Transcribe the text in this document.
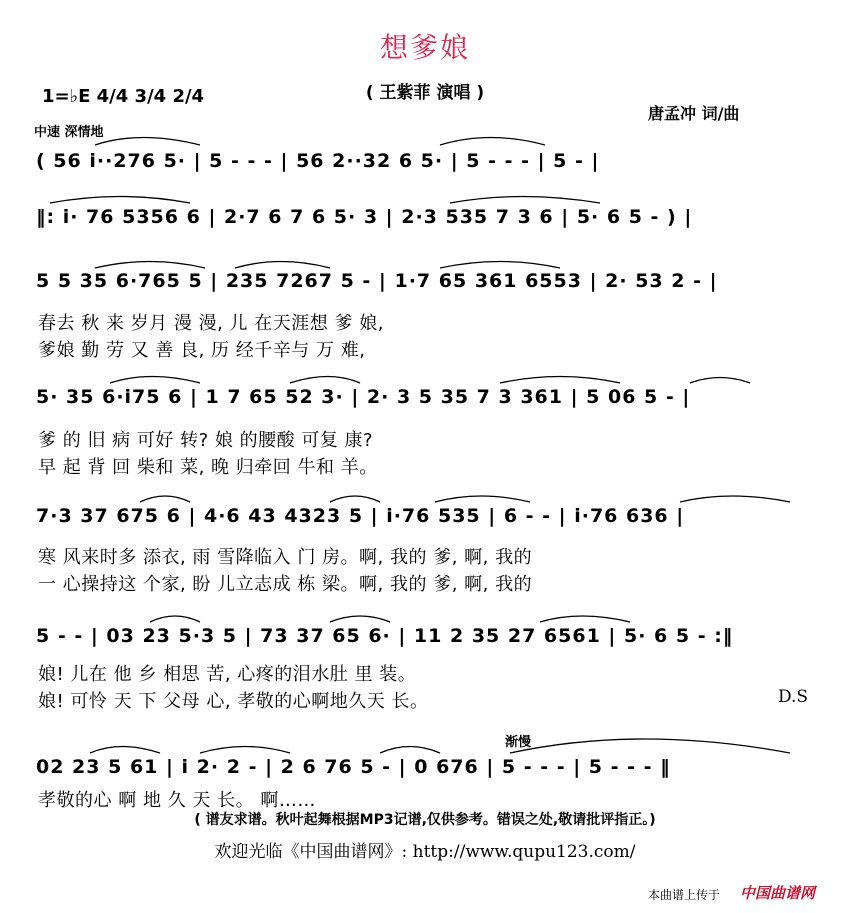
想爹娘
( 王紫菲 演唱 )
1=♭E 4/4 3/4 2/4
中速 深情地
唐孟冲 词/曲
( 56 i··276 5· | 5 - - - | 56 2··32 6 5· | 5 - - - | 5 - |
‖: i· 76 5356 6 | 2·7 6 7 6 5· 3 | 2·3 535 7 3 6 | 5· 6 5 - ) |
5 5 35 6·765 5 | 235 7267 5 - | 1·7 65 361 6553 | 2· 53 2 - |
春去 秋 来 岁月 漫 漫, 儿 在天涯想 爹 娘,
爹娘 勤 劳 又 善 良, 历 经千辛与 万 难,
5· 35 6·i75 6 | 1 7 65 52 3· | 2· 3 5 35 7 3 361 | 5 06 5 - |
爹 的 旧 病 可好 转? 娘 的腰酸 可复 康?
早 起 背 回 柴和 菜, 晚 归牵回 牛和 羊。
7·3 37 675 6 | 4·6 43 4323 5 | i·76 535 | 6 - - | i·76 636 |
寒 风来时多 添衣, 雨 雪降临入 门 房。啊, 我的 爹, 啊, 我的
一 心操持这 个家, 盼 儿立志成 栋 梁。啊, 我的 爹, 啊, 我的
5 - - | 03 23 5·3 5 | 73 37 65 6· | 11 2 35 27 6561 | 5· 6 5 - :‖
娘! 儿在 他 乡 相思 苦, 心疼的泪水肚 里 装。
娘! 可怜 天 下 父母 心, 孝敬的心啊地久天 长。	D.S
渐慢
02 23 5 61 | i 2· 2 - | 2 6 76 5 - | 0 676 | 5 - - - | 5 - - - ‖
孝敬的心 啊 地 久 天 长。 啊……
( 谱友求谱。秋叶起舞根据MP3记谱,仅供参考。错误之处,敬请批评指正。)
欢迎光临《中国曲谱网》: http://www.qupu123.com/
本曲谱上传于 中国曲谱网
